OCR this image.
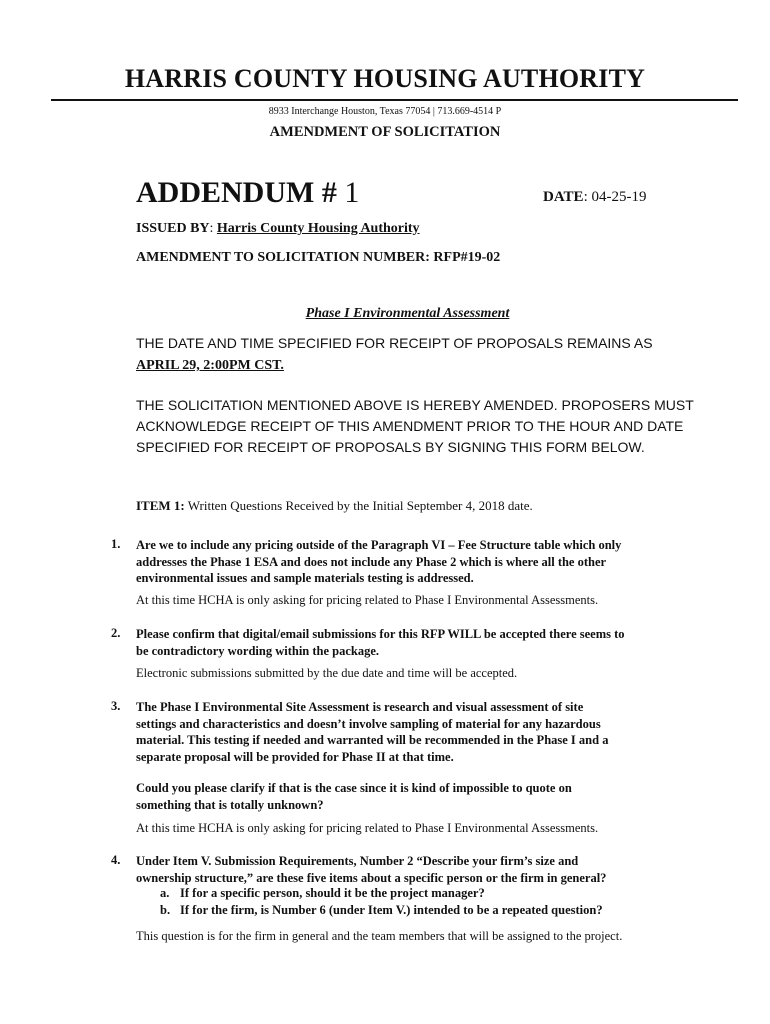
HARRIS COUNTY HOUSING AUTHORITY
8933 Interchange Houston, Texas 77054 | 713.669-4514 P
AMENDMENT OF SOLICITATION
ADDENDUM # 1	DATE: 04-25-19
ISSUED BY: Harris County Housing Authority
AMENDMENT TO SOLICITATION NUMBER: RFP#19-02
Phase I Environmental Assessment
THE DATE AND TIME SPECIFIED FOR RECEIPT OF PROPOSALS REMAINS AS
APRIL 29, 2:00PM CST.
THE SOLICITATION MENTIONED ABOVE IS HEREBY AMENDED. PROPOSERS MUST ACKNOWLEDGE RECEIPT OF THIS AMENDMENT PRIOR TO THE HOUR AND DATE SPECIFIED FOR RECEIPT OF PROPOSALS BY SIGNING THIS FORM BELOW.
ITEM 1: Written Questions Received by the Initial September 4, 2018 date.
1. Are we to include any pricing outside of the Paragraph VI – Fee Structure table which only
addresses the Phase 1 ESA and does not include any Phase 2 which is where all the other
environmental issues and sample materials testing is addressed.
At this time HCHA is only asking for pricing related to Phase I Environmental Assessments.
2. Please confirm that digital/email submissions for this RFP WILL be accepted there seems to
be contradictory wording within the package.
Electronic submissions submitted by the due date and time will be accepted.
3. The Phase I Environmental Site Assessment is research and visual assessment of site
settings and characteristics and doesn’t involve sampling of material for any hazardous
material. This testing if needed and warranted will be recommended in the Phase I and a
separate proposal will be provided for Phase II at that time.
Could you please clarify if that is the case since it is kind of impossible to quote on
something that is totally unknown?
At this time HCHA is only asking for pricing related to Phase I Environmental Assessments.
4. Under Item V. Submission Requirements, Number 2 “Describe your firm’s size and
ownership structure,” are these five items about a specific person or the firm in general?
a. If for a specific person, should it be the project manager?
b. If for the firm, is Number 6 (under Item V.) intended to be a repeated question?
This question is for the firm in general and the team members that will be assigned to the project.
